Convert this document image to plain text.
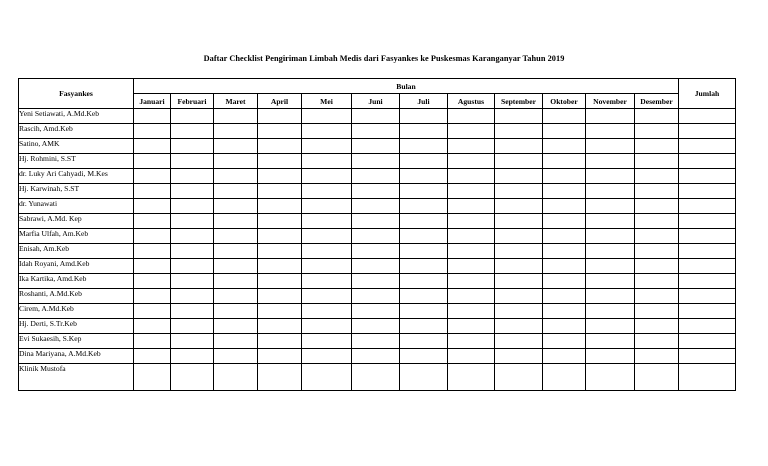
Daftar Checklist Pengiriman Limbah Medis dari Fasyankes ke Puskesmas Karanganyar Tahun 2019
Fasyankes	Bulan												Jumlah
	Januari	Februari	Maret	April	Mei	Juni	Juli	Agustus	September	Oktober	November	Desember	
Yeni Setiawati, A.Md.Keb													
Rascih, Amd.Keb													
Satino, AMK													
Hj. Rohmini, S.ST													
dr. Luky Ari Cahyadi, M.Kes													
Hj. Karwinah, S.ST													
dr. Yunawati													
Sabrawi, A.Md. Kep													
Marfia Ulfah, Am.Keb													
Enisah, Am.Keb													
Idah Royani, Amd.Keb													
Ika Kartika, Amd.Keb													
Roshanti, A.Md.Keb													
Cirem, A.Md.Keb													
Hj. Derti, S.Tr.Keb													
Evi Sukaesih, S.Kep													
Dina Mariyana, A.Md.Keb													
Klinik Mustofa													
